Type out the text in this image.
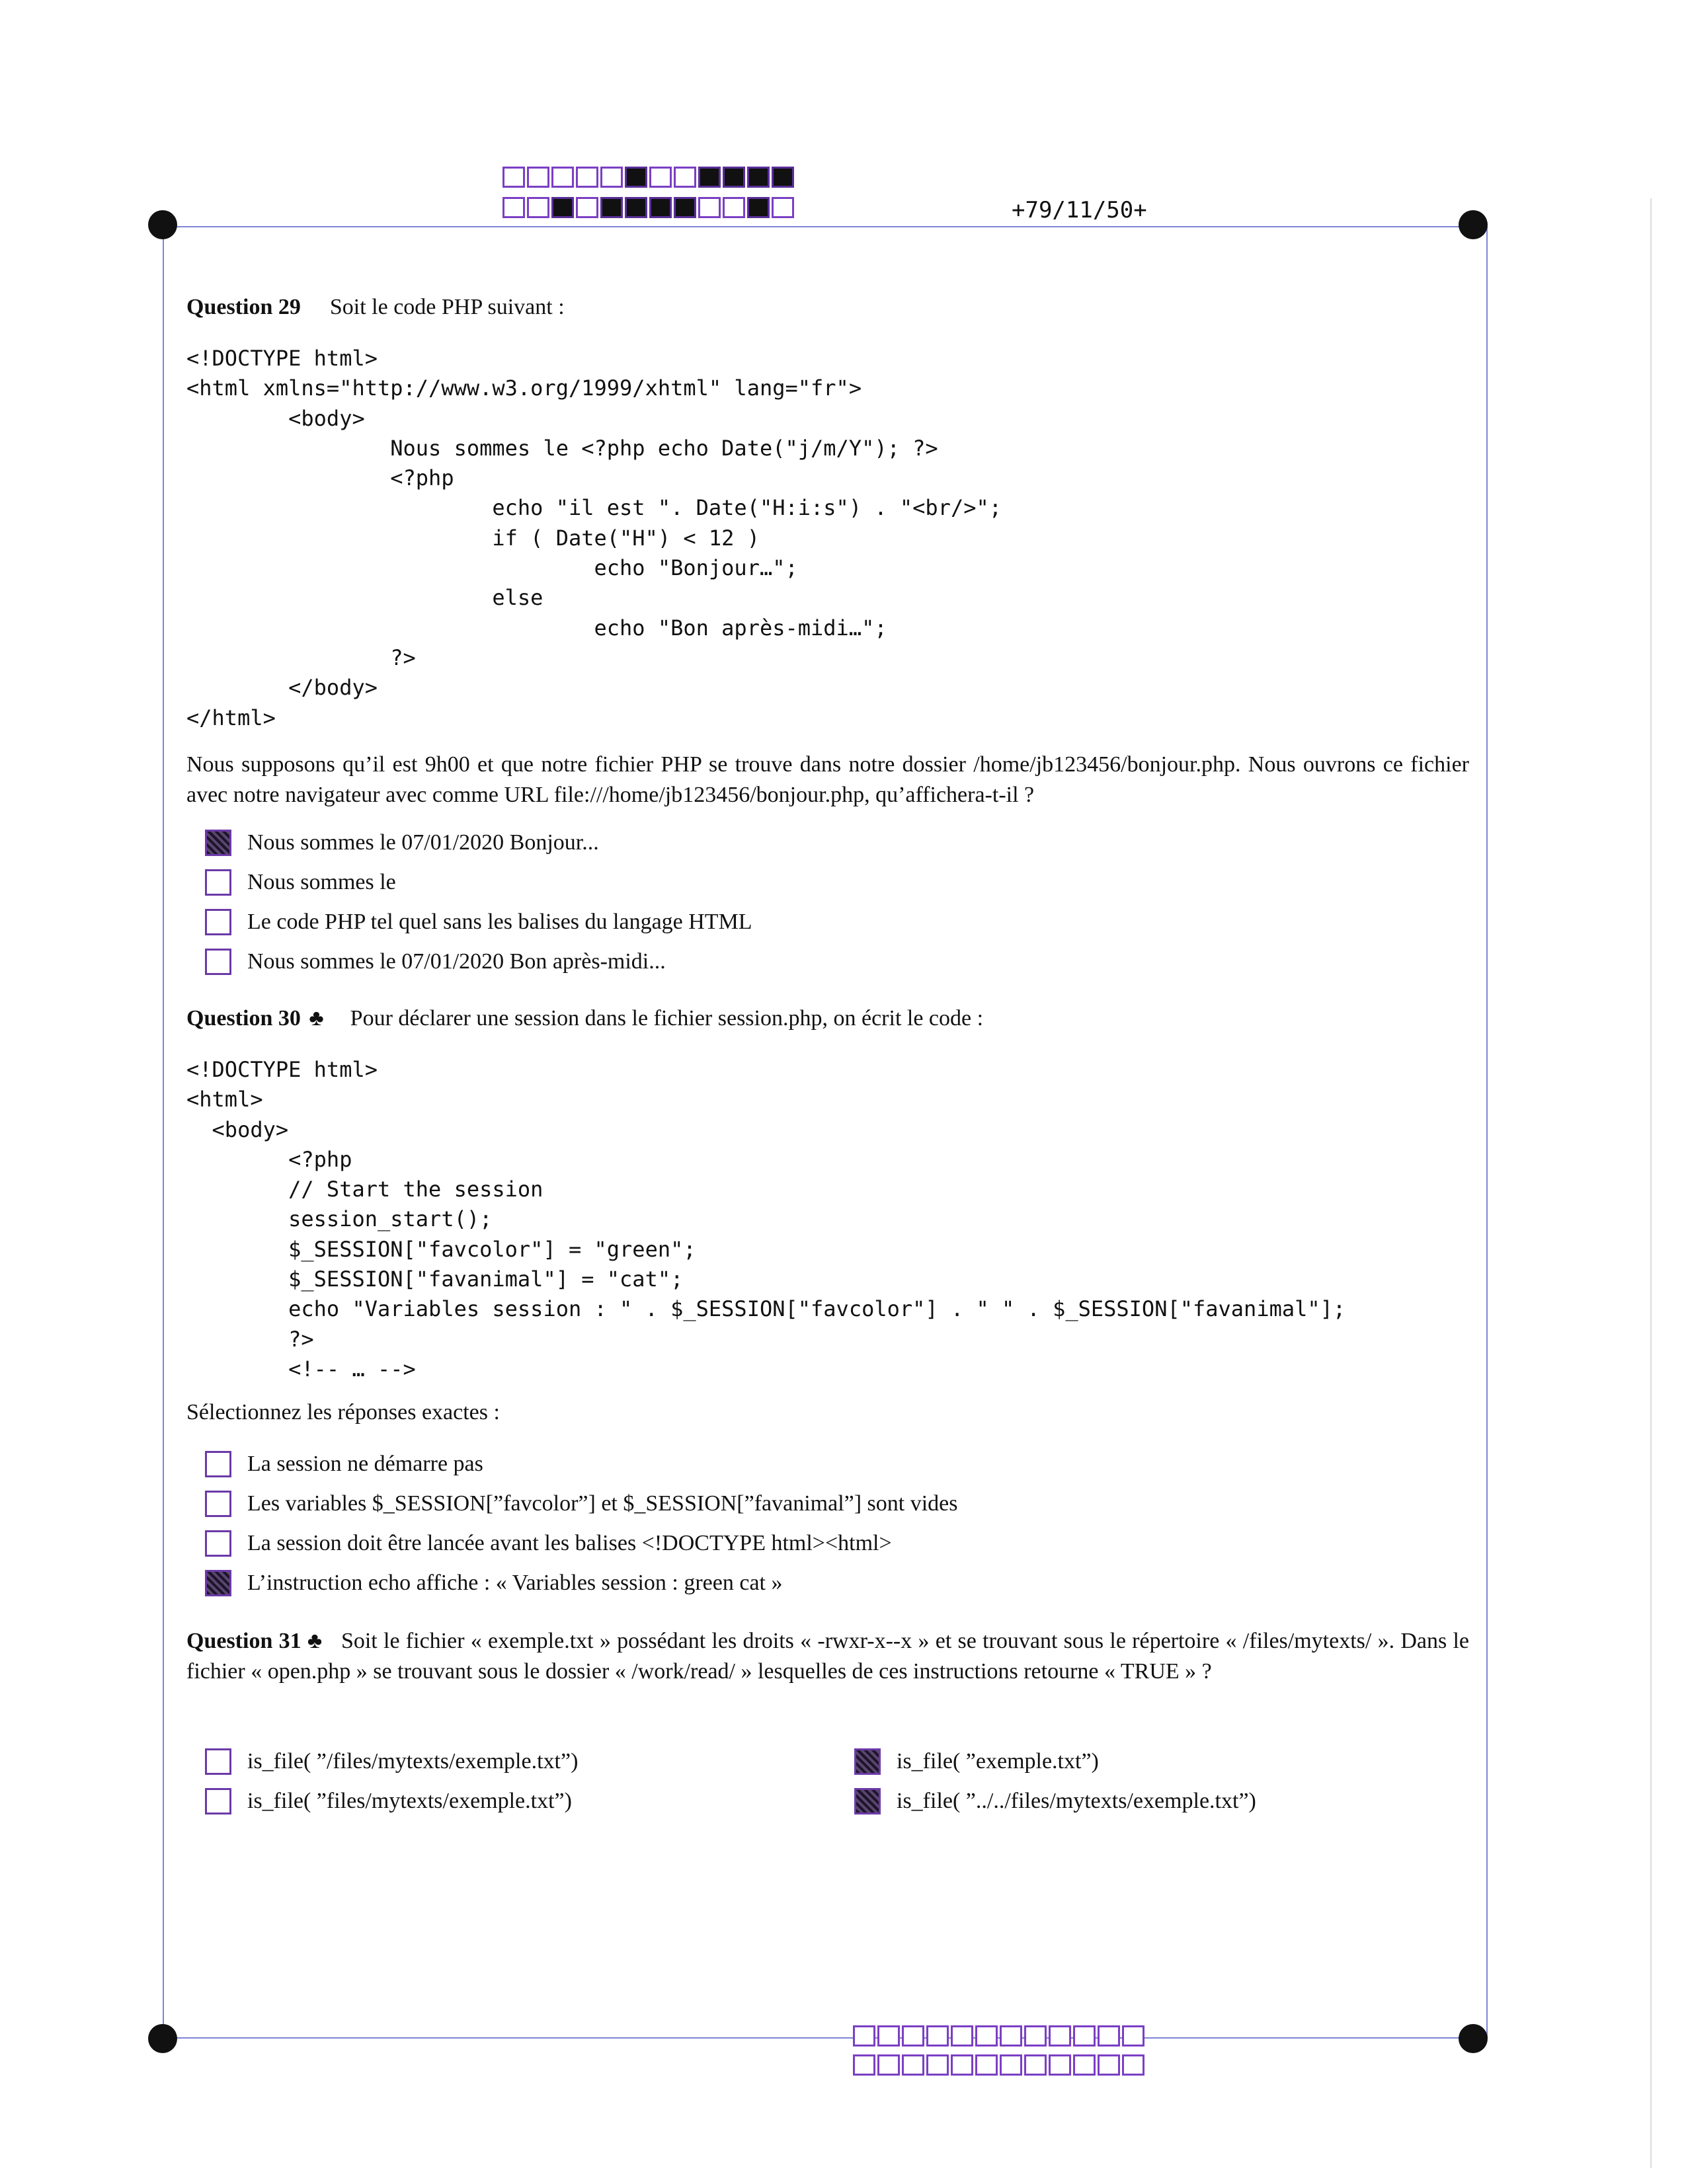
+79/11/50+
Question 29 Soit le code PHP suivant :
<!DOCTYPE html>
<html xmlns="http://www.w3.org/1999/xhtml" lang="fr">
<body>
Nous sommes le <?php echo Date("j/m/Y"); ?>
<?php
echo "il est ". Date("H:i:s") . "<br/>";
if ( Date("H") < 12 )
echo "Bonjour…";
else
echo "Bon après-midi…";
?>
</body>
</html>
Nous supposons qu’il est 9h00 et que notre fichier PHP se trouve dans notre dossier /home/jb123456/bonjour.php. Nous ouvrons ce fichier avec notre navigateur avec comme URL file:///home/jb123456/bonjour.php, qu’affichera-t-il ?
Nous sommes le 07/01/2020 Bonjour...
Nous sommes le
Le code PHP tel quel sans les balises du langage HTML
Nous sommes le 07/01/2020 Bon après-midi...
Question 30 ♣ Pour déclarer une session dans le fichier session.php, on écrit le code :
<!DOCTYPE html>
<html>
<body>
<?php
// Start the session
session_start();
$_SESSION["favcolor"] = "green";
$_SESSION["favanimal"] = "cat";
echo "Variables session : " . $_SESSION["favcolor"] . " " . $_SESSION["favanimal"];
?>
<!-- … -->
Sélectionnez les réponses exactes :
La session ne démarre pas
Les variables $_SESSION[”favcolor”] et $_SESSION[”favanimal”] sont vides
La session doit être lancée avant les balises <!DOCTYPE html><html>
L’instruction echo affiche : « Variables session : green cat »
Question 31 ♣ Soit le fichier « exemple.txt » possédant les droits « -rwxr-x--x » et se trouvant sous le répertoire « /files/mytexts/ ». Dans le fichier « open.php » se trouvant sous le dossier « /work/read/ » lesquelles de ces instructions retourne « TRUE » ?
is_file( ”/files/mytexts/exemple.txt”)	is_file( ”exemple.txt”)
is_file( ”files/mytexts/exemple.txt”)	is_file( ”../../files/mytexts/exemple.txt”)
